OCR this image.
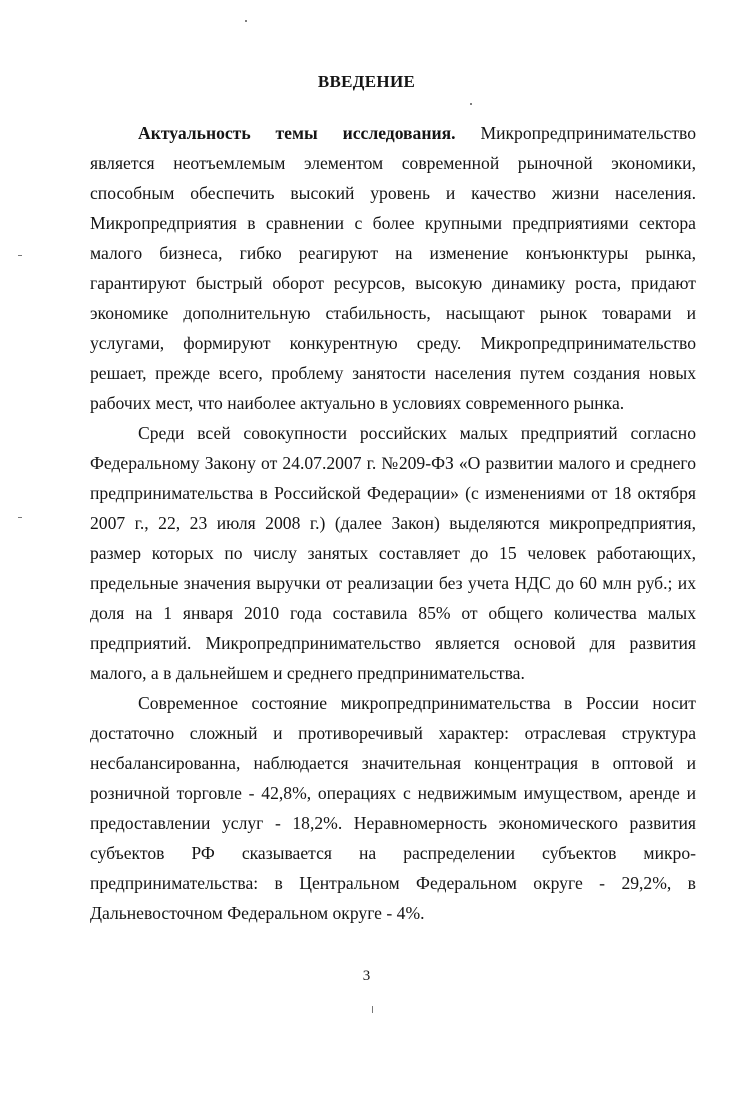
ВВЕДЕНИЕ

Актуальность темы исследования. Микропредпринимательство является неотъемлемым элементом современной рыночной экономики, способным обеспечить высокий уровень и качество жизни населения. Микропредприятия в сравнении с более крупными предприятиями сектора малого бизнеса, гибко реагируют на изменение конъюнктуры рынка, гарантируют быстрый оборот ресурсов, высокую динамику роста, придают экономике дополнительную стабильность, насыщают рынок товарами и услугами, формируют конкурентную среду. Микропредпринимательство решает, прежде всего, проблему занятости населения путем создания новых рабочих мест, что наиболее актуально в условиях современного рынка.

Среди всей совокупности российских малых предприятий согласно Федеральному Закону от 24.07.2007 г. №209-ФЗ «О развитии малого и среднего предпринимательства в Российской Федерации» (с изменениями от 18 октября 2007 г., 22, 23 июля 2008 г.) (далее Закон) выделяются микропредприятия, размер которых по числу занятых составляет до 15 человек работающих, предельные значения выручки от реализации без учета НДС до 60 млн руб.; их доля на 1 января 2010 года составила 85% от общего количества малых предприятий. Микропредпринимательство является основой для развития малого, а в дальнейшем и среднего предпринимательства.

Современное состояние микропредпринимательства в России носит достаточно сложный и противоречивый характер: отраслевая структура несбалансированна, наблюдается значительная концентрация в оптовой и розничной торговле - 42,8%, операциях с недвижимым имуществом, аренде и предоставлении услуг - 18,2%. Неравномерность экономического развития субъектов РФ сказывается на распределении субъектов микро-предпринимательства: в Центральном Федеральном округе - 29,2%, в Дальневосточном Федеральном округе - 4%.

3
